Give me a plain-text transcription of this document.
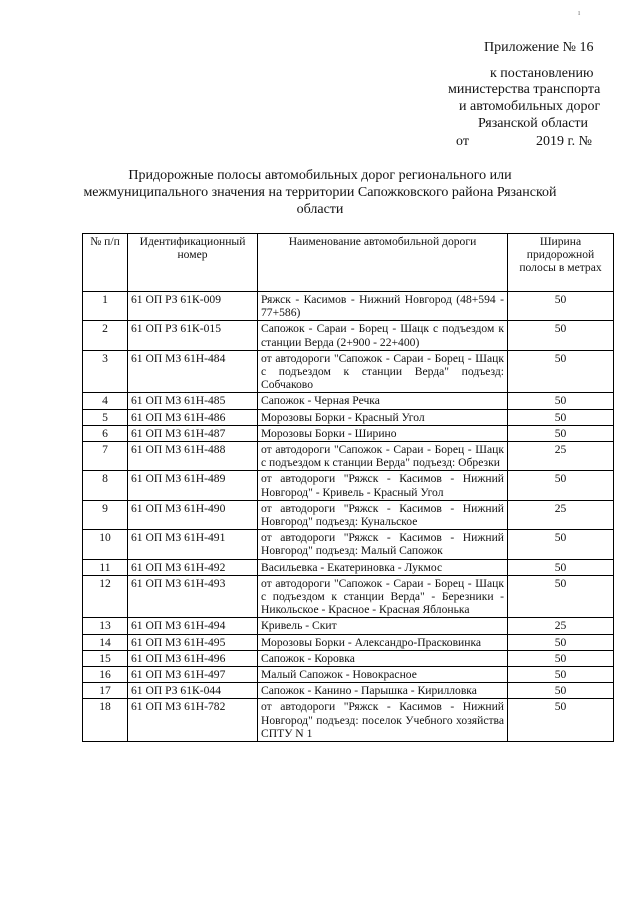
Приложение № 16
к постановлению
министерства транспорта
и автомобильных дорог
Рязанской области
от	2019 г. №
Придорожные полосы автомобильных дорог регионального или
межмуниципального значения на территории Сапожковского района Рязанской
области
№ п/п	Идентификационный номер	Наименование автомобильной дороги	Ширина придорожной полосы в метрах
1	61 ОП РЗ 61К-009	Ряжск - Касимов - Нижний Новгород (48+594 - 77+586)	50
2	61 ОП РЗ 61К-015	Сапожок - Сараи - Борец - Шацк с подъездом к станции Верда (2+900 - 22+400)	50
3	61 ОП МЗ 61Н-484	от автодороги "Сапожок - Сараи - Борец - Шацк с подъездом к станции Верда" подъезд: Собчаково	50
4	61 ОП МЗ 61Н-485	Сапожок - Черная Речка	50
5	61 ОП МЗ 61Н-486	Морозовы Борки - Красный Угол	50
6	61 ОП МЗ 61Н-487	Морозовы Борки - Ширино	50
7	61 ОП МЗ 61Н-488	от автодороги "Сапожок - Сараи - Борец - Шацк с подъездом к станции Верда" подъезд: Обрезки	25
8	61 ОП МЗ 61Н-489	от автодороги "Ряжск - Касимов - Нижний Новгород" - Кривель - Красный Угол	50
9	61 ОП МЗ 61Н-490	от автодороги "Ряжск - Касимов - Нижний Новгород" подъезд: Кунальское	25
10	61 ОП МЗ 61Н-491	от автодороги "Ряжск - Касимов - Нижний Новгород" подъезд: Малый Сапожок	50
11	61 ОП МЗ 61Н-492	Васильевка - Екатериновка - Лукмос	50
12	61 ОП МЗ 61Н-493	от автодороги "Сапожок - Сараи - Борец - Шацк с подъездом к станции Верда" - Березники - Никольское - Красное - Красная Яблонька	50
13	61 ОП МЗ 61Н-494	Кривель - Скит	25
14	61 ОП МЗ 61Н-495	Морозовы Борки - Александро-Прасковинка	50
15	61 ОП МЗ 61Н-496	Сапожок - Коровка	50
16	61 ОП МЗ 61Н-497	Малый Сапожок - Новокрасное	50
17	61 ОП РЗ 61К-044	Сапожок - Канино - Парышкa - Кирилловка	50
18	61 ОП МЗ 61Н-782	от автодороги "Ряжск - Касимов - Нижний Новгород" подъезд: поселок Учебного хозяйства СПТУ N 1	50
ı
